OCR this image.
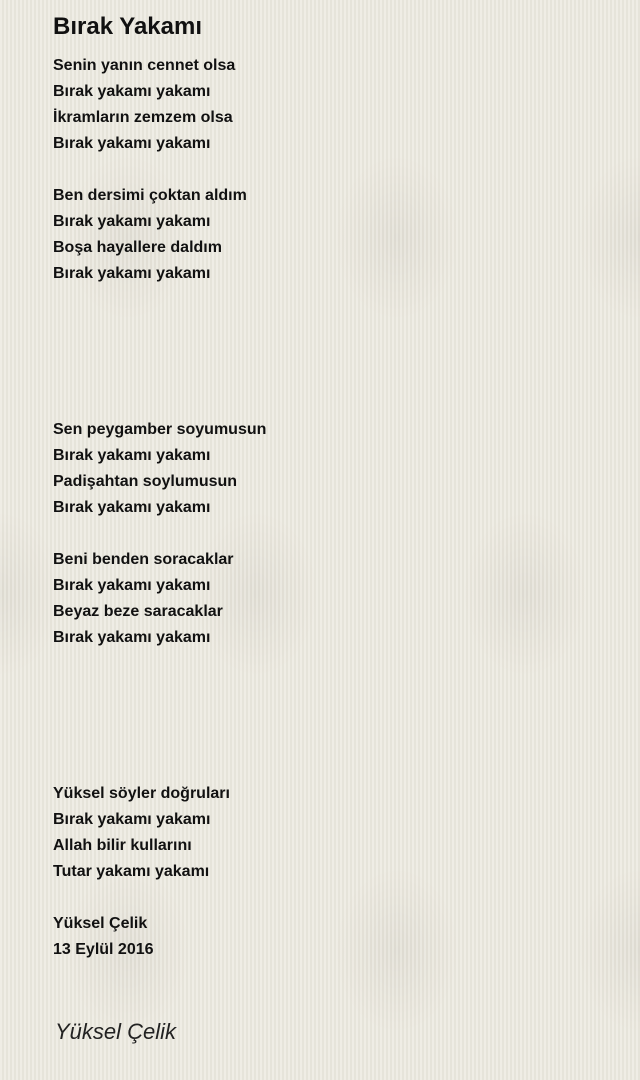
Bırak Yakamı
Senin yanın cennet olsa
Bırak yakamı yakamı
İkramların zemzem olsa
Bırak yakamı yakamı
Ben dersimi çoktan aldım
Bırak yakamı yakamı
Boşa hayallere daldım
Bırak yakamı yakamı
Sen peygamber soyumusun
Bırak yakamı yakamı
Padişahtan soylumusun
Bırak yakamı yakamı
Beni benden soracaklar
Bırak yakamı yakamı
Beyaz beze saracaklar
Bırak yakamı yakamı
Yüksel söyler doğruları
Bırak yakamı yakamı
Allah bilir kullarını
Tutar yakamı yakamı
Yüksel Çelik
13 Eylül 2016
Yüksel Çelik
